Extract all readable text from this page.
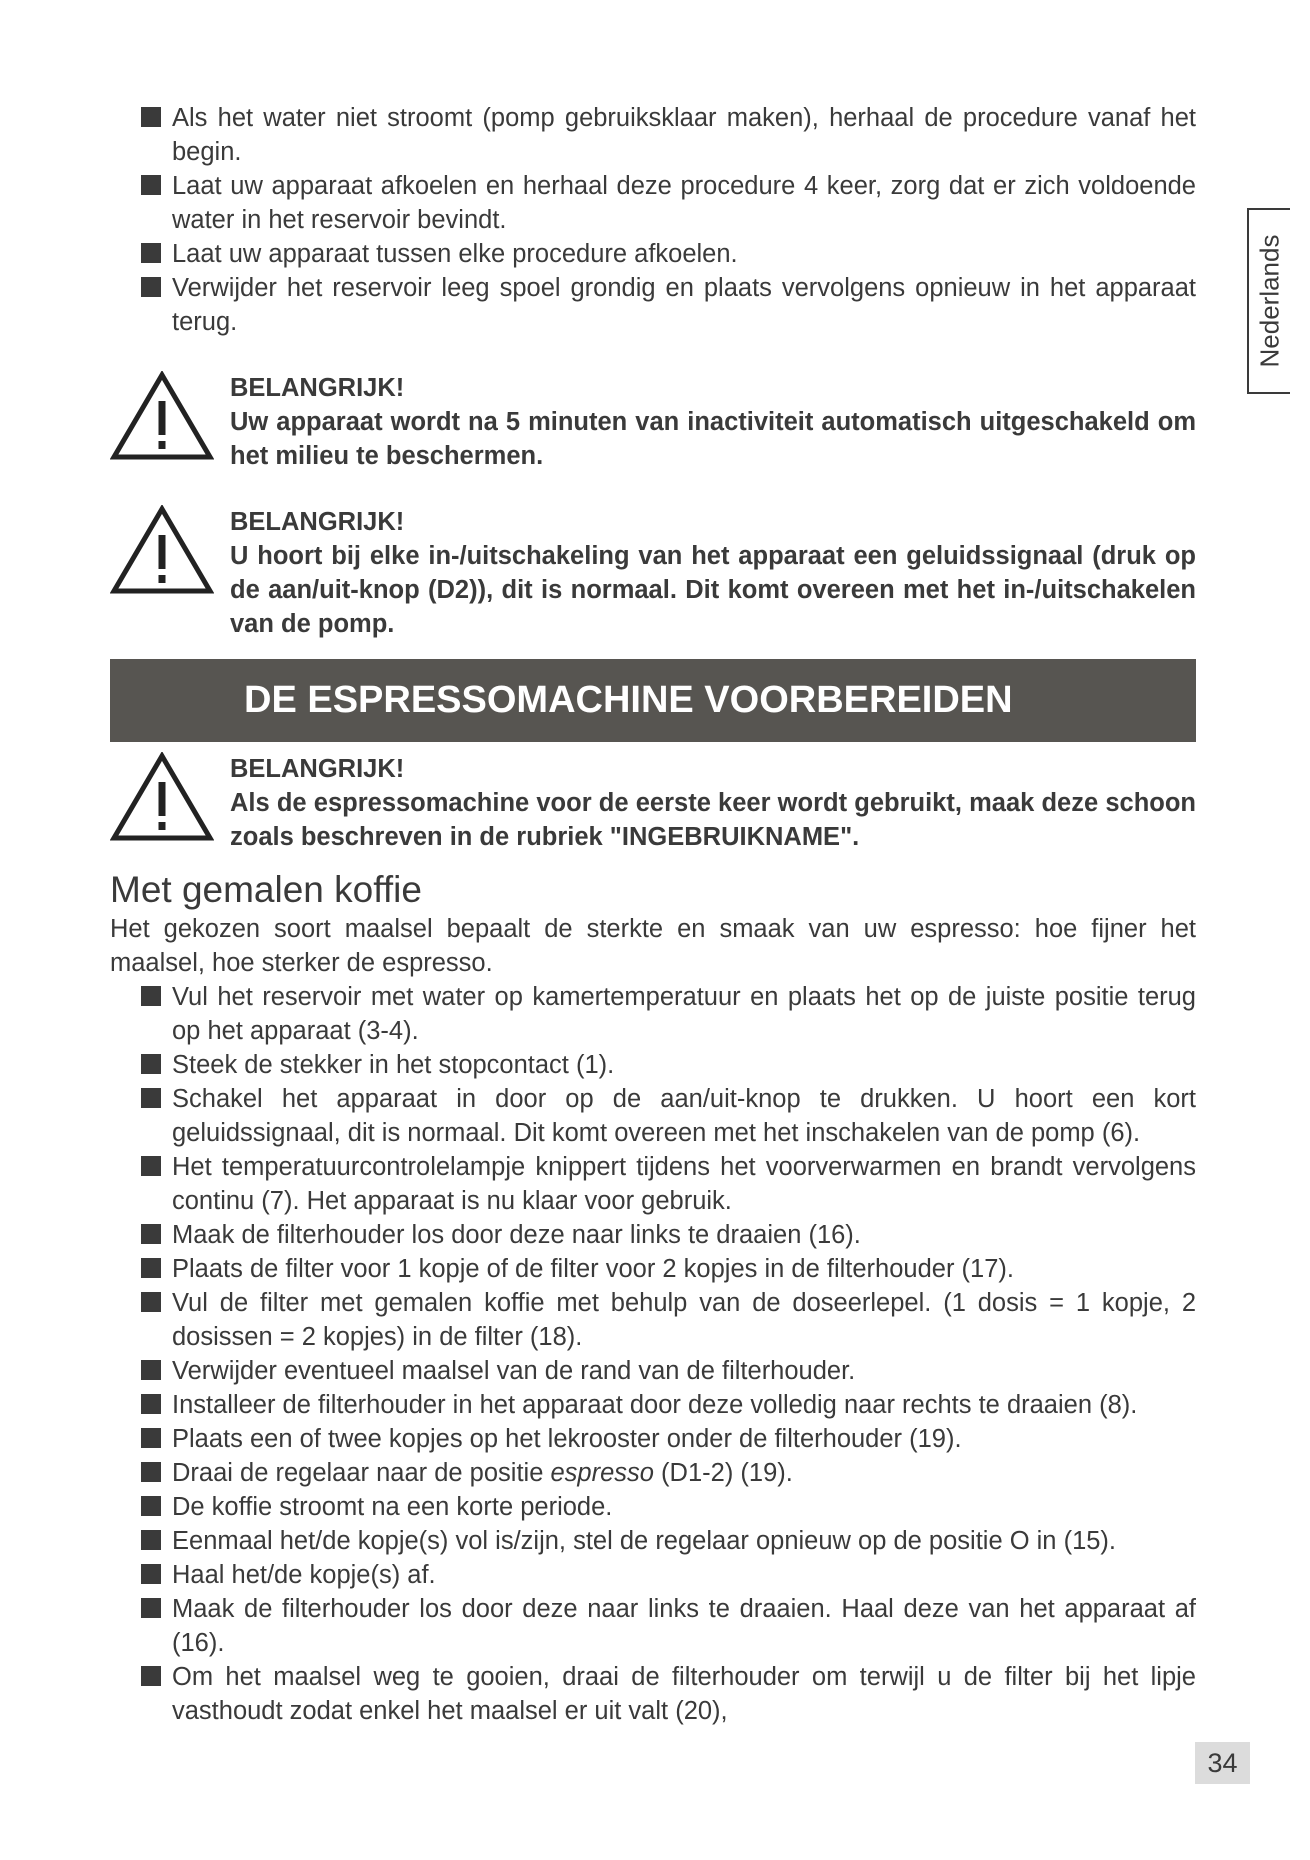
Nederlands
Als het water niet stroomt (pomp gebruiksklaar maken), herhaal de procedure vanaf het begin.
Laat uw apparaat afkoelen en herhaal deze procedure 4 keer, zorg dat er zich voldoende water in het reservoir bevindt.
Laat uw apparaat tussen elke procedure afkoelen.
Verwijder het reservoir leeg spoel grondig en plaats vervolgens opnieuw in het apparaat terug.
BELANGRIJK!
Uw apparaat wordt na 5 minuten van inactiviteit automatisch uitgeschakeld om het milieu te beschermen.
BELANGRIJK!
U hoort bij elke in-/uitschakeling van het apparaat een geluidssignaal (druk op de aan/uit-knop (D2)), dit is normaal. Dit komt overeen met het in-/uitschakelen van de pomp.
DE ESPRESSOMACHINE VOORBEREIDEN
BELANGRIJK!
Als de espressomachine voor de eerste keer wordt gebruikt, maak deze schoon zoals beschreven in de rubriek "INGEBRUIKNAME".
Met gemalen koffie

Het gekozen soort maalsel bepaalt de sterkte en smaak van uw espresso: hoe fijner het maalsel, hoe sterker de espresso.

Vul het reservoir met water op kamertemperatuur en plaats het op de juiste positie terug op het apparaat (3-4).
Steek de stekker in het stopcontact (1).
Schakel het apparaat in door op de aan/uit-knop te drukken. U hoort een kort geluidssignaal, dit is normaal. Dit komt overeen met het inschakelen van de pomp (6).
Het temperatuurcontrolelampje knippert tijdens het voorverwarmen en brandt vervolgens continu (7). Het apparaat is nu klaar voor gebruik.
Maak de filterhouder los door deze naar links te draaien (16).
Plaats de filter voor 1 kopje of de filter voor 2 kopjes in de filterhouder (17).
Vul de filter met gemalen koffie met behulp van de doseerlepel. (1 dosis = 1 kopje, 2 dosissen = 2 kopjes) in de filter (18).
Verwijder eventueel maalsel van de rand van de filterhouder.
Installeer de filterhouder in het apparaat door deze volledig naar rechts te draaien (8).
Plaats een of twee kopjes op het lekrooster onder de filterhouder (19).
Draai de regelaar naar de positie espresso (D1-2) (19).
De koffie stroomt na een korte periode.
Eenmaal het/de kopje(s) vol is/zijn, stel de regelaar opnieuw op de positie O in (15).
Haal het/de kopje(s) af.
Maak de filterhouder los door deze naar links te draaien. Haal deze van het apparaat af (16).
Om het maalsel weg te gooien, draai de filterhouder om terwijl u de filter bij het lipje vasthoudt zodat enkel het maalsel er uit valt (20),
34
